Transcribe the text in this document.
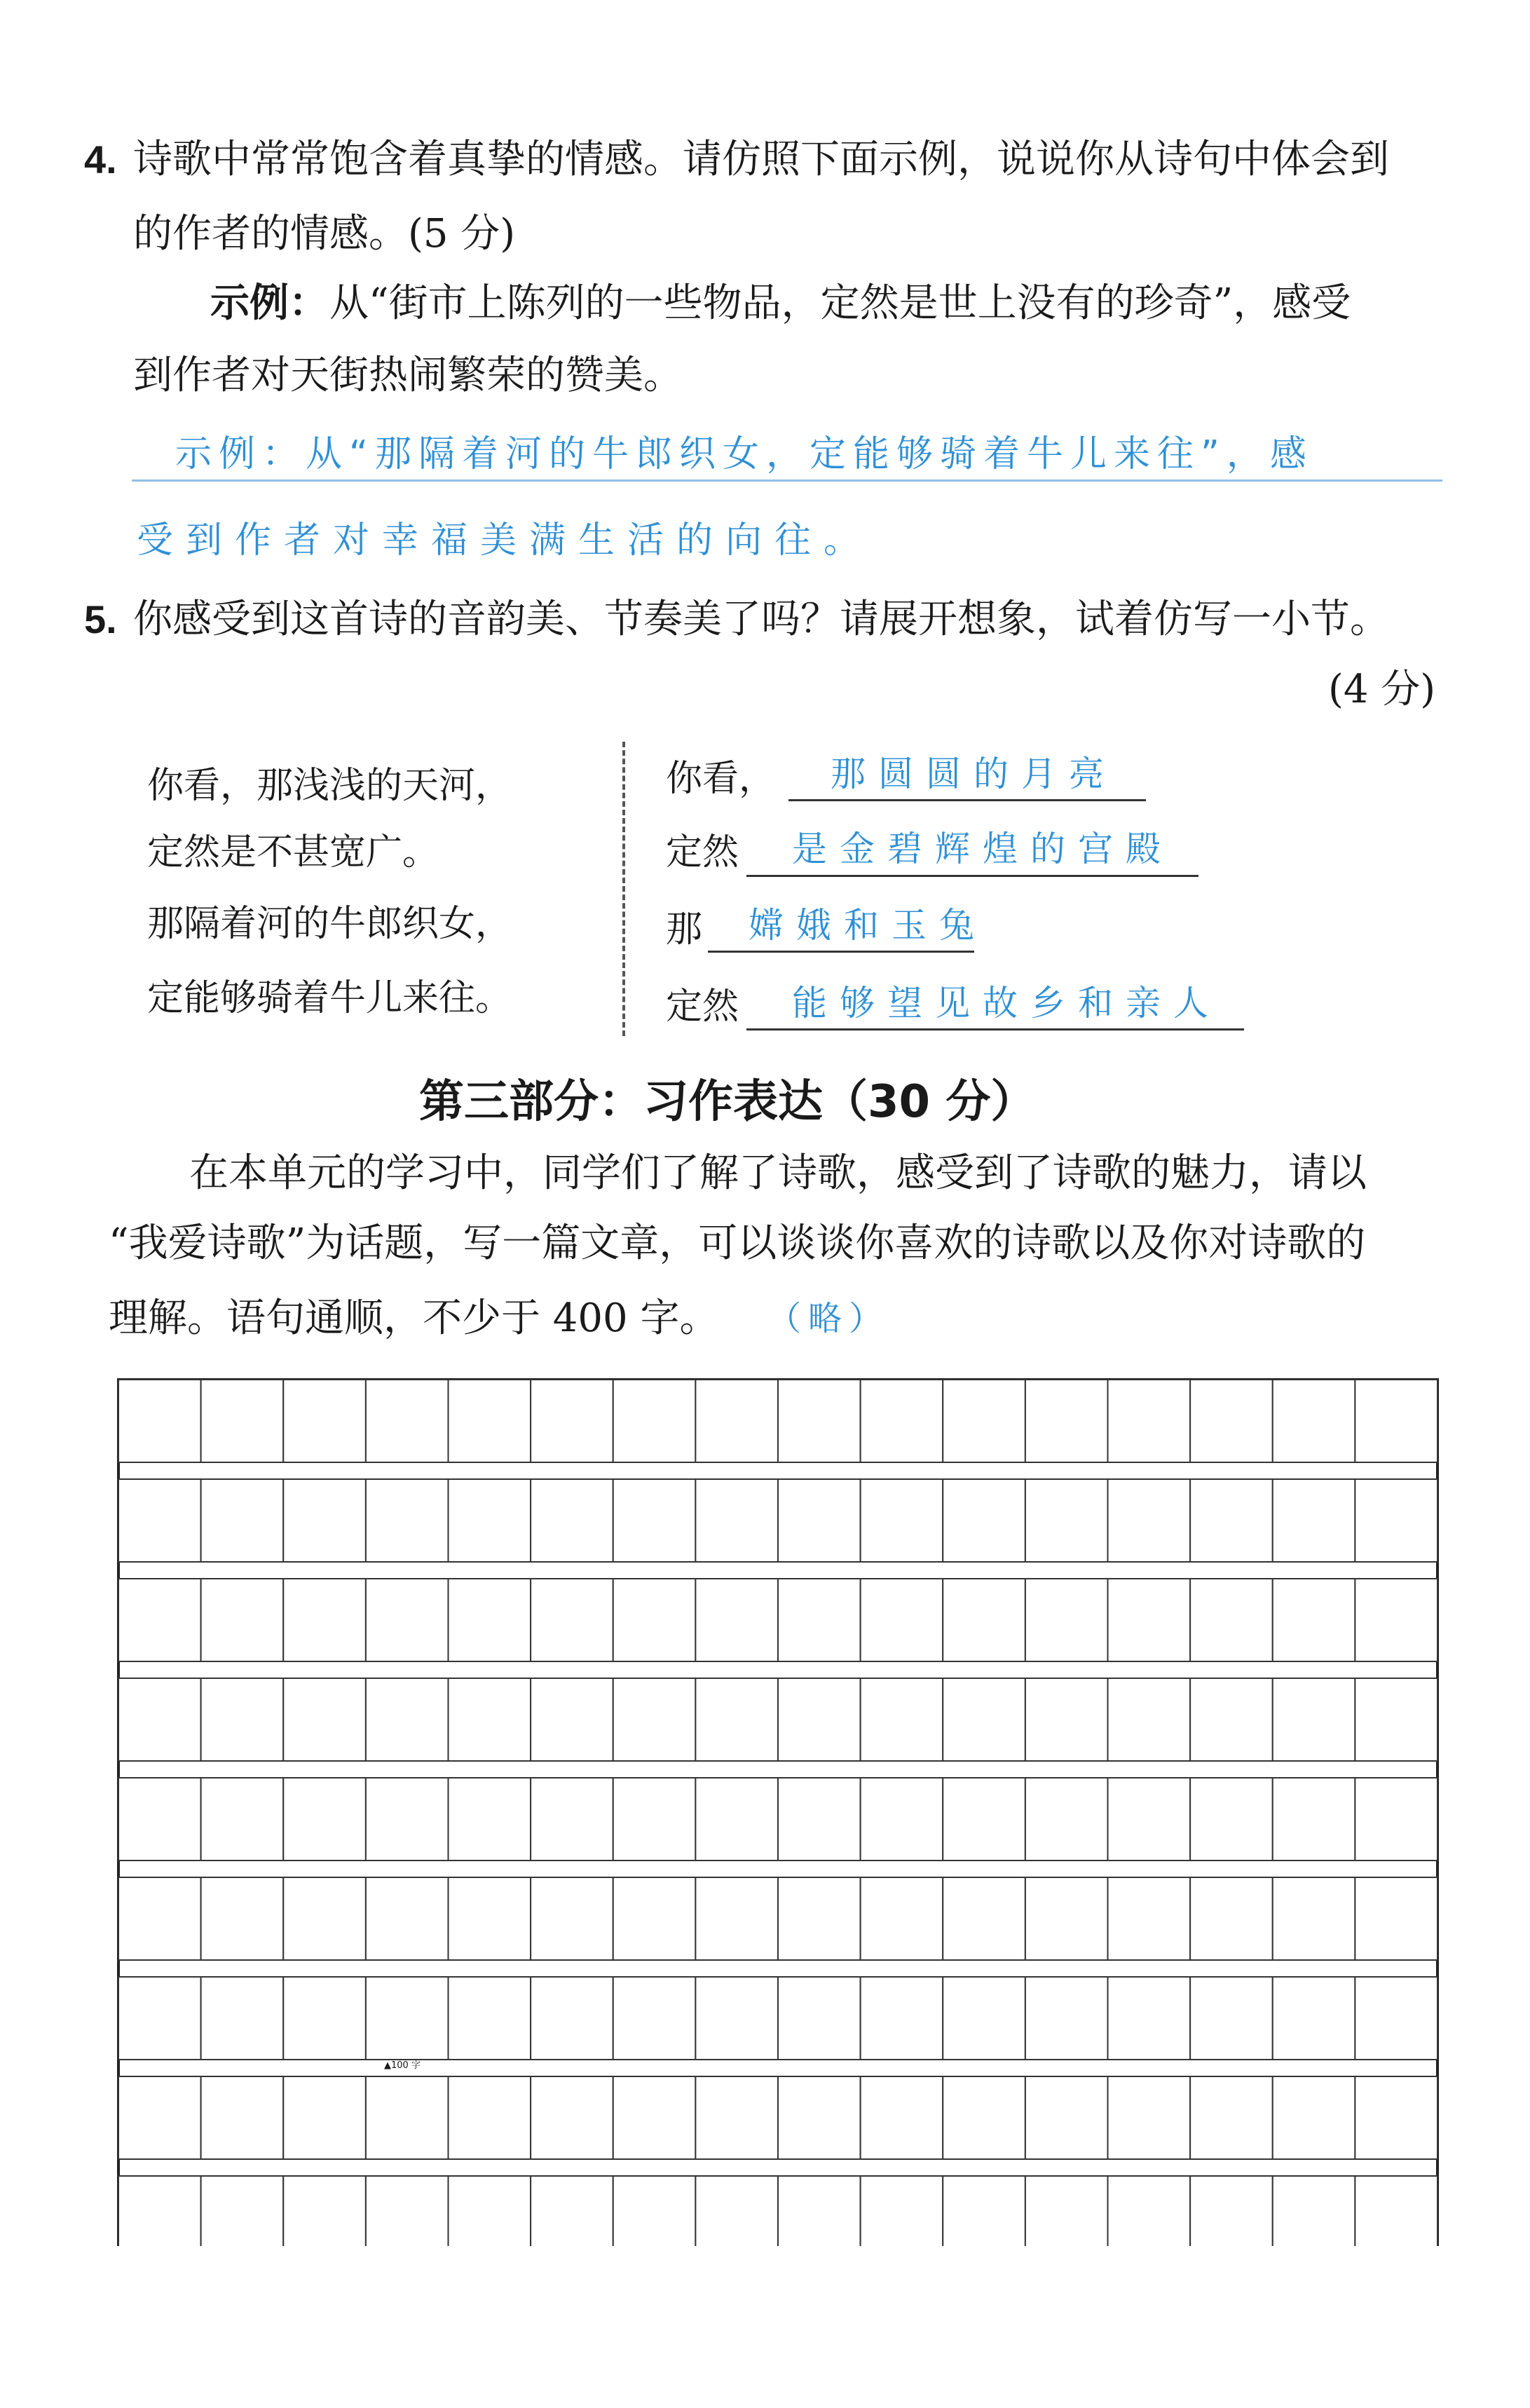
4. 诗歌中常常饱含着真挚的情感。请仿照下面示例，说说你从诗句中体会到
的作者的情感。(5 分)
示例： 从“街市上陈列的一些物品，定然是世上没有的珍奇”，感受
到作者对天街热闹繁荣的赞美。
示例：从“那隔着河的牛郎织女，定能够骑着牛儿来往”，感
受到作者对幸福美满生活的向往。
5. 你感受到这首诗的音韵美、节奏美了吗？请展开想象，试着仿写一小节。
(4 分)
你看，那浅浅的天河，
定然是不甚宽广。
那隔着河的牛郎织女，
定能够骑着牛儿来往。
你看， 那圆圆的月亮
定然 是金碧辉煌的宫殿
那 嫦娥和玉兔
定然 能够望见故乡和亲人
第三部分：习作表达（30 分）
在本单元的学习中，同学们了解了诗歌，感受到了诗歌的魅力，请以
“我爱诗歌”为话题，写一篇文章，可以谈谈你喜欢的诗歌以及你对诗歌的
理解。语句通顺，不少于 400 字。 （略）
▲100 字
